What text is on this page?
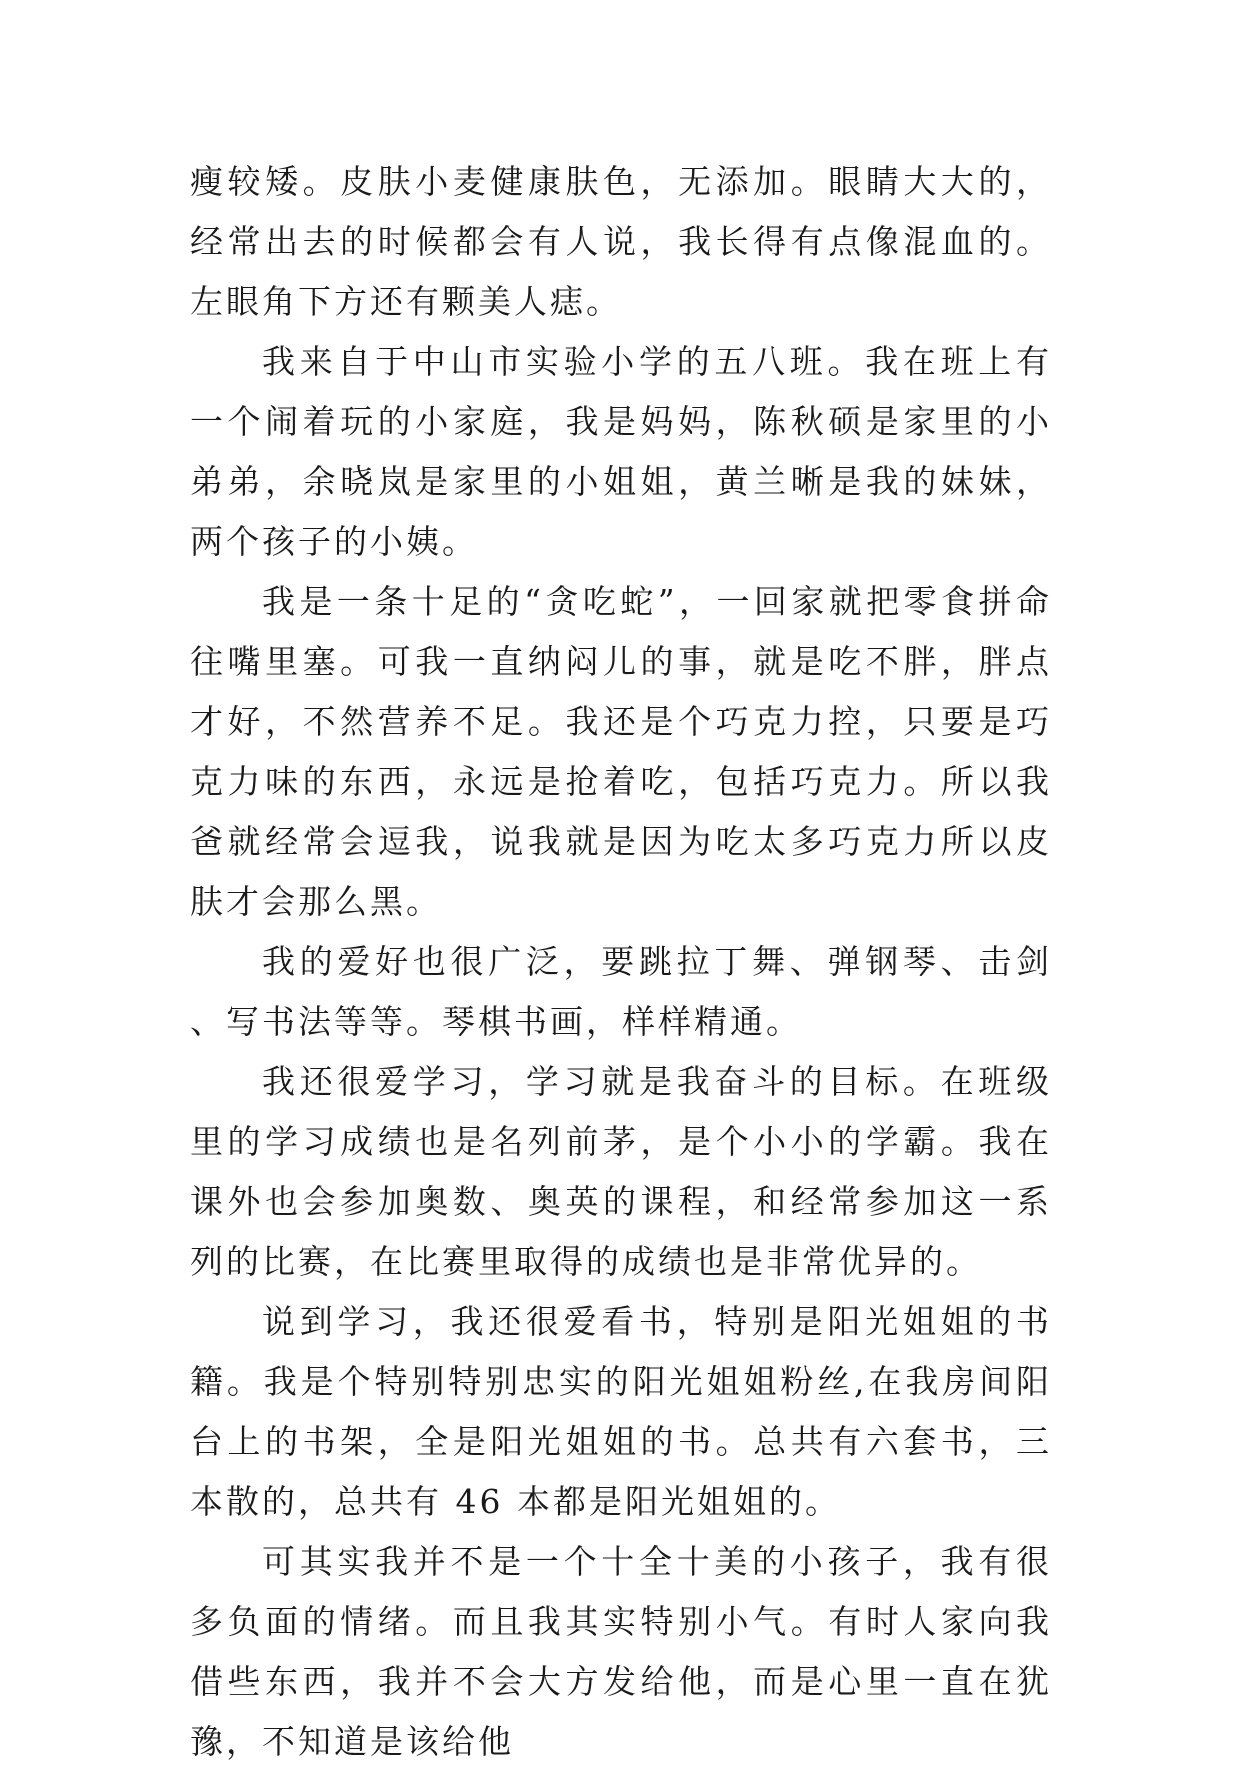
瘦较矮。皮肤小麦健康肤色，无添加。眼睛大大的，经常出去的时候都会有人说，我长得有点像混血的。左眼角下方还有颗美人痣。

我来自于中山市实验小学的五八班。我在班上有一个闹着玩的小家庭，我是妈妈，陈秋硕是家里的小弟弟，余晓岚是家里的小姐姐，黄兰晰是我的妹妹，两个孩子的小姨。

我是一条十足的“贪吃蛇”，一回家就把零食拼命往嘴里塞。可我一直纳闷儿的事，就是吃不胖，胖点才好，不然营养不足。我还是个巧克力控，只要是巧克力味的东西，永远是抢着吃，包括巧克力。所以我爸就经常会逗我，说我就是因为吃太多巧克力所以皮肤才会那么黑。

我的爱好也很广泛，要跳拉丁舞、弹钢琴、击剑、写书法等等。琴棋书画，样样精通。

我还很爱学习，学习就是我奋斗的目标。在班级里的学习成绩也是名列前茅，是个小小的学霸。我在课外也会参加奥数、奥英的课程，和经常参加这一系列的比赛，在比赛里取得的成绩也是非常优异的。

说到学习，我还很爱看书，特别是阳光姐姐的书籍。我是个特别特别忠实的阳光姐姐粉丝,在我房间阳台上的书架，全是阳光姐姐的书。总共有六套书，三本散的，总共有 46 本都是阳光姐姐的。

可其实我并不是一个十全十美的小孩子，我有很多负面的情绪。而且我其实特别小气。有时人家向我借些东西，我并不会大方发给他，而是心里一直在犹豫，不知道是该给他
